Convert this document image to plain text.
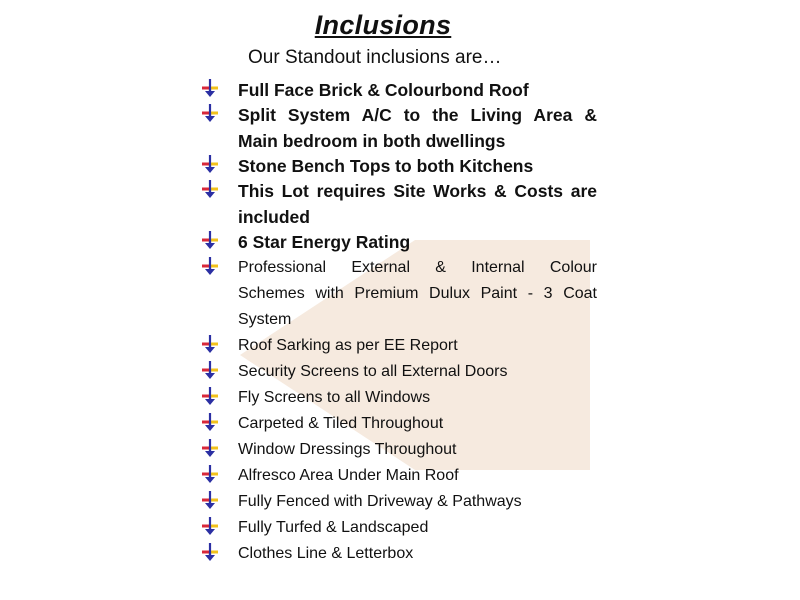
Inclusions
Our Standout inclusions are…
Full Face Brick & Colourbond Roof
Split System A/C to the Living Area &
Main bedroom in both dwellings
Stone Bench Tops to both Kitchens
This Lot requires Site Works & Costs are
included
6 Star Energy Rating
Professional External & Internal Colour
Schemes with Premium Dulux Paint - 3 Coat
System
Roof Sarking as per EE Report
Security Screens to all External Doors
Fly Screens to all Windows
Carpeted & Tiled Throughout
Window Dressings Throughout
Alfresco Area Under Main Roof
Fully Fenced with Driveway & Pathways
Fully Turfed & Landscaped
Clothes Line & Letterbox
